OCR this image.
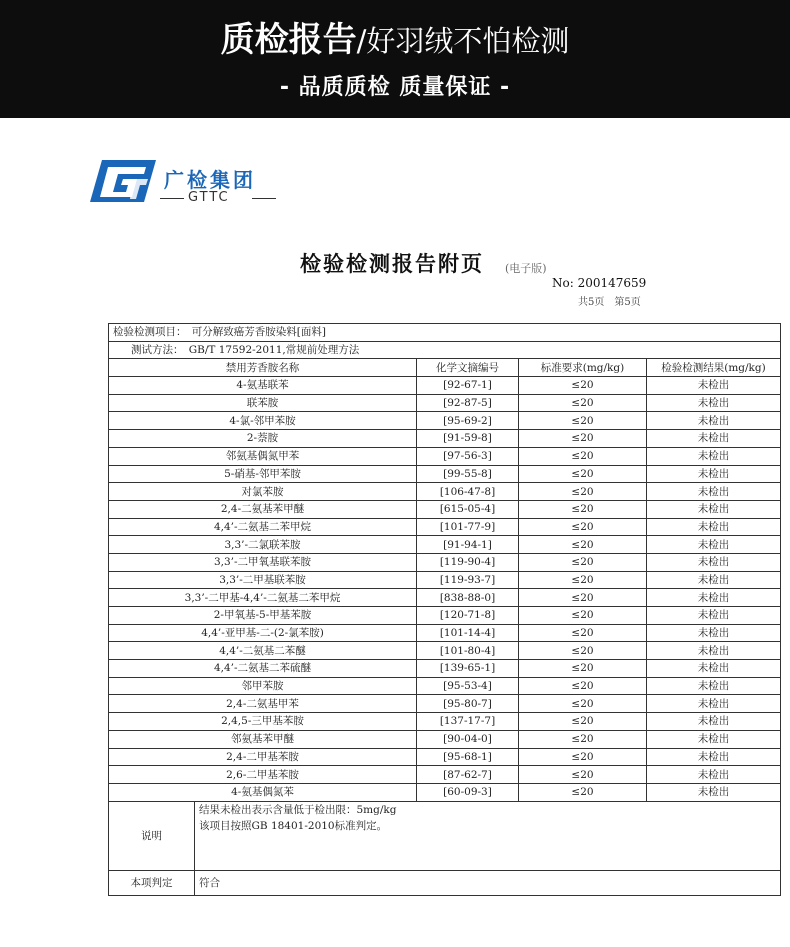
质检报告/好羽绒不怕检测
- 品质质检 质量保证 -
广检集团
GTTC
检验检测报告附页 (电子版)
No: 200147659
共5页　第5页
检验检测项目：　可分解致癌芳香胺染料[面料]				
测试方法：　GB/T 17592-2011,常规前处理方法				
禁用芳香胺名称		化学文摘编号	标准要求(mg/kg)	检验检测结果(mg/kg)
4-氨基联苯		[92-67-1]	≤20	未检出
联苯胺		[92-87-5]	≤20	未检出
4-氯-邻甲苯胺		[95-69-2]	≤20	未检出
2-萘胺		[91-59-8]	≤20	未检出
邻氨基偶氮甲苯		[97-56-3]	≤20	未检出
5-硝基-邻甲苯胺		[99-55-8]	≤20	未检出
对氯苯胺		[106-47-8]	≤20	未检出
2,4-二氨基苯甲醚		[615-05-4]	≤20	未检出
4,4’-二氨基二苯甲烷		[101-77-9]	≤20	未检出
3,3’-二氯联苯胺		[91-94-1]	≤20	未检出
3,3’-二甲氧基联苯胺		[119-90-4]	≤20	未检出
3,3’-二甲基联苯胺		[119-93-7]	≤20	未检出
3,3’-二甲基-4,4’-二氨基二苯甲烷		[838-88-0]	≤20	未检出
2-甲氧基-5-甲基苯胺		[120-71-8]	≤20	未检出
4,4’-亚甲基-二-(2-氯苯胺)		[101-14-4]	≤20	未检出
4,4’-二氨基二苯醚		[101-80-4]	≤20	未检出
4,4’-二氨基二苯硫醚		[139-65-1]	≤20	未检出
邻甲苯胺		[95-53-4]	≤20	未检出
2,4-二氨基甲苯		[95-80-7]	≤20	未检出
2,4,5-三甲基苯胺		[137-17-7]	≤20	未检出
邻氨基苯甲醚		[90-04-0]	≤20	未检出
2,4-二甲基苯胺		[95-68-1]	≤20	未检出
2,6-二甲基苯胺		[87-62-7]	≤20	未检出
4-氨基偶氮苯		[60-09-3]	≤20	未检出
说明	结果未检出表示含量低于检出限：5mg/kg
该项目按照GB 18401-2010标准判定。			

本项判定	符合			
